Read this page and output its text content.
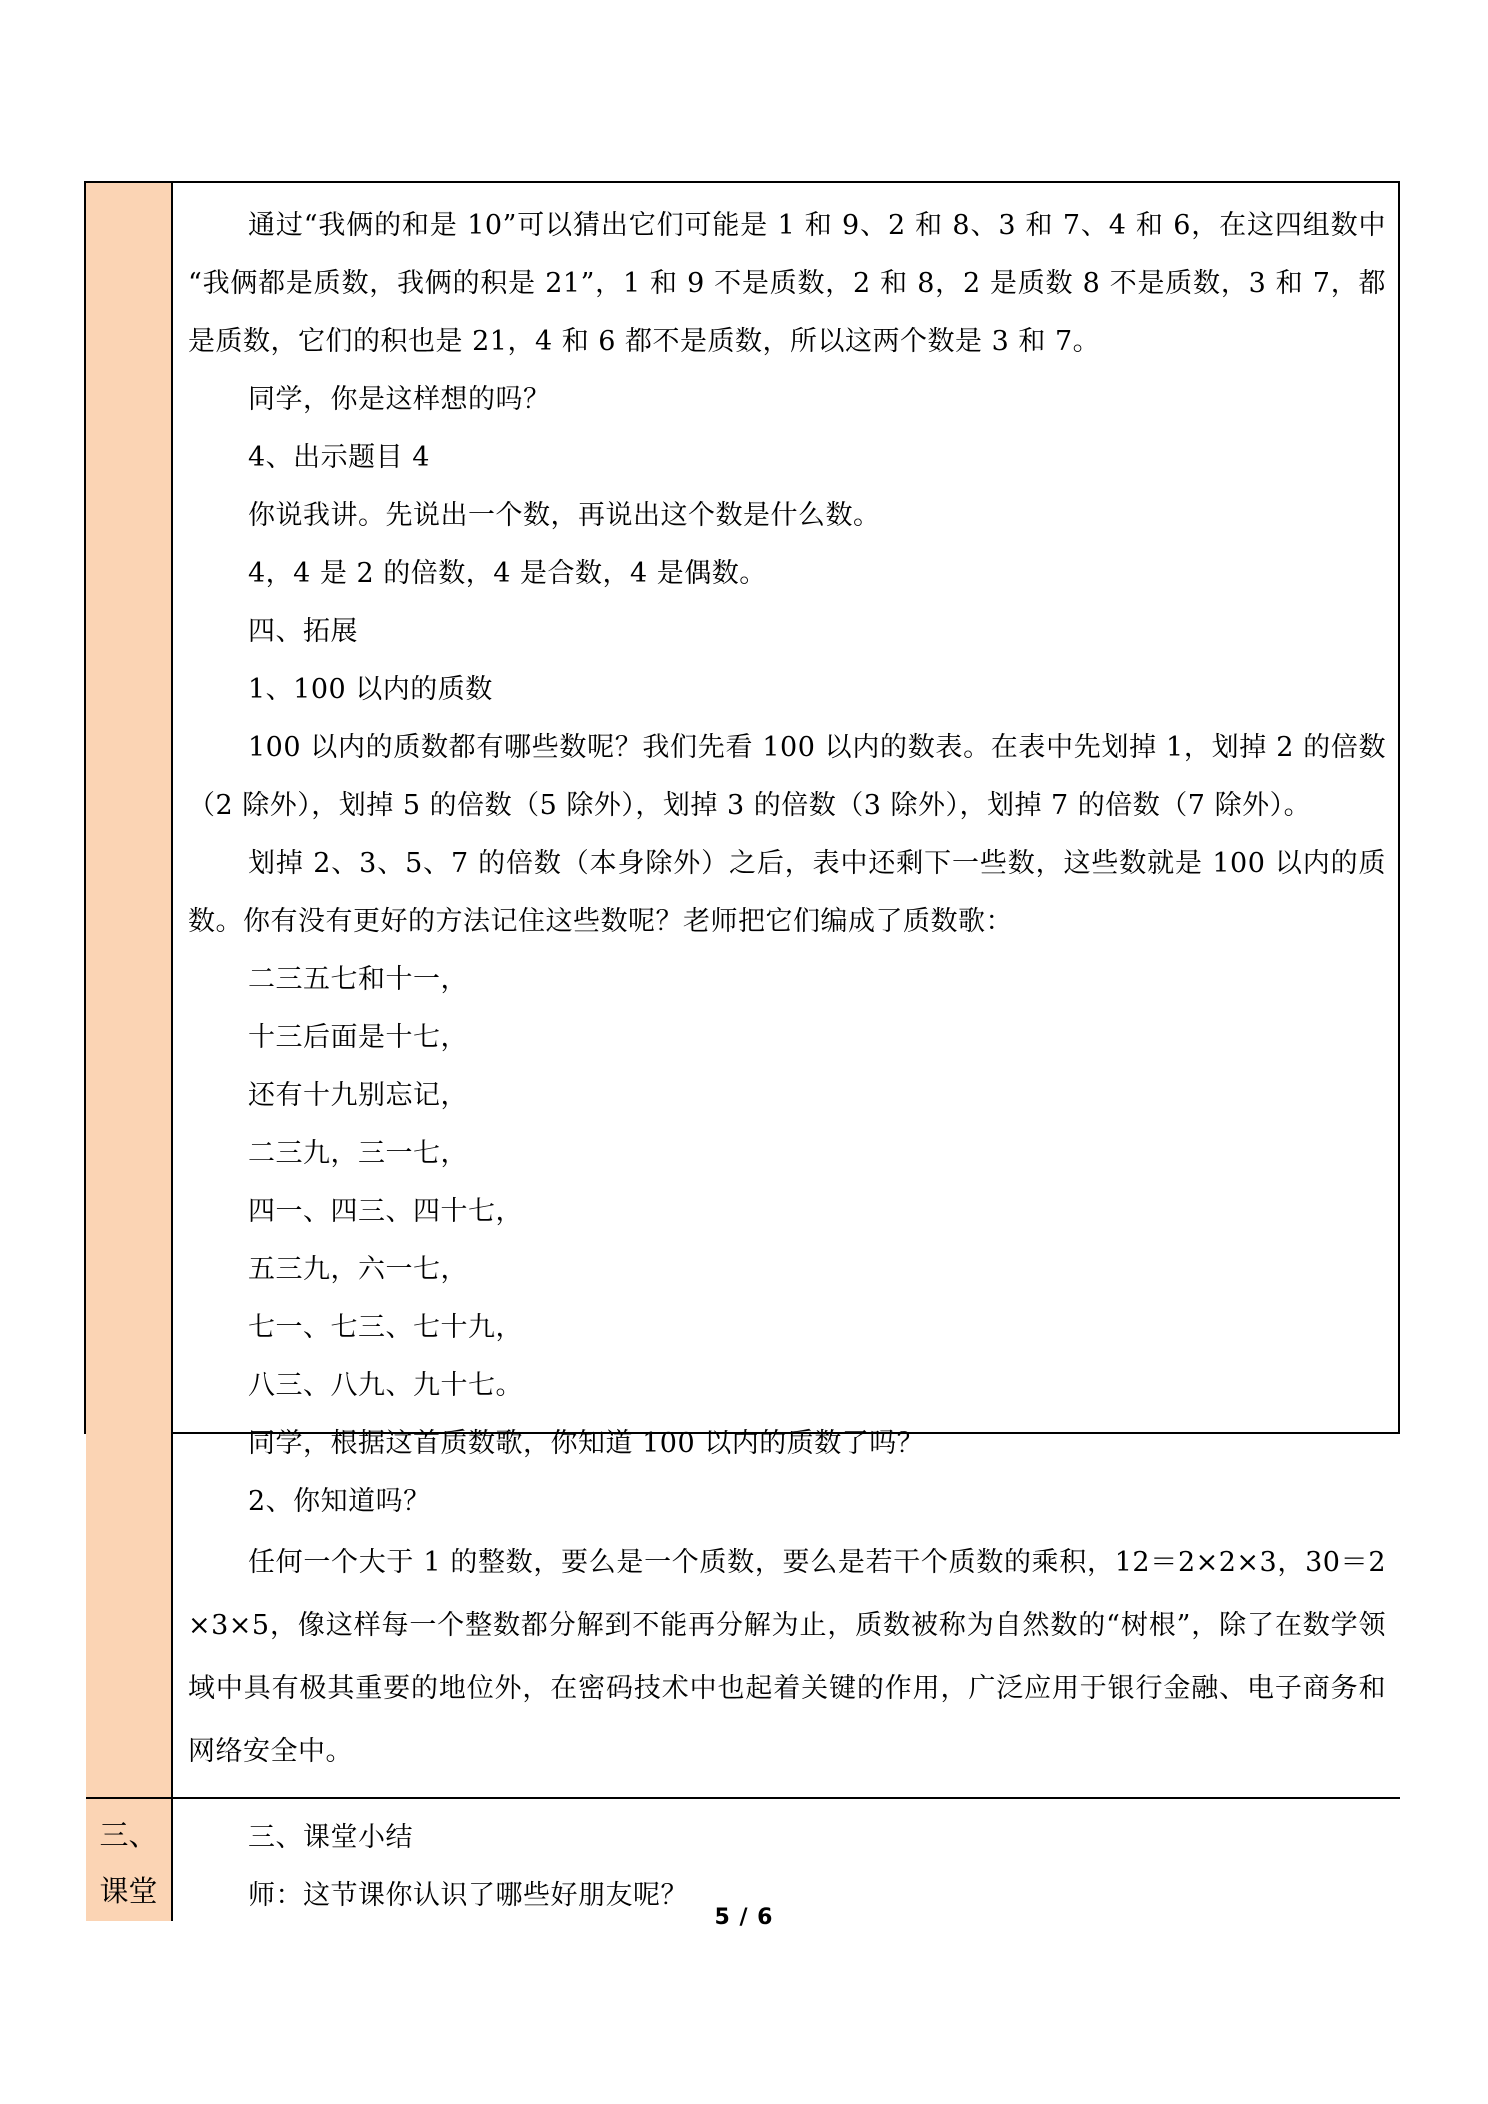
通过“我俩的和是 10”可以猜出它们可能是 1 和 9、2 和 8、3 和 7、4 和 6，在这四组数中 “我俩都是质数，我俩的积是 21”，1 和 9 不是质数，2 和 8，2 是质数 8 不是质数，3 和 7，都是质数，它们的积也是 21，4 和 6 都不是质数，所以这两个数是 3 和 7。

同学，你是这样想的吗？

4、出示题目 4

你说我讲。先说出一个数，再说出这个数是什么数。

4，4 是 2 的倍数，4 是合数，4 是偶数。

四、拓展

1、100 以内的质数

100 以内的质数都有哪些数呢？我们先看 100 以内的数表。在表中先划掉 1，划掉 2 的倍数（2 除外），划掉 5 的倍数（5 除外），划掉 3 的倍数（3 除外），划掉 7 的倍数（7 除外）。

划掉 2、3、5、7 的倍数（本身除外）之后，表中还剩下一些数，这些数就是 100 以内的质数。你有没有更好的方法记住这些数呢？老师把它们编成了质数歌：

二三五七和十一，

十三后面是十七，

还有十九别忘记，

二三九，三一七，

四一、四三、四十七，

五三九，六一七，

七一、七三、七十九，

八三、八九、九十七。

同学，根据这首质数歌，你知道 100 以内的质数了吗？

2、你知道吗？

任何一个大于 1 的整数，要么是一个质数，要么是若干个质数的乘积，12＝2×2×3，30＝2×3×5，像这样每一个整数都分解到不能再分解为止，质数被称为自然数的“树根”，除了在数学领域中具有极其重要的地位外，在密码技术中也起着关键的作用，广泛应用于银行金融、电子商务和网络安全中。

三、

课堂

三、课堂小结

师：这节课你认识了哪些好朋友呢？

5 / 6
